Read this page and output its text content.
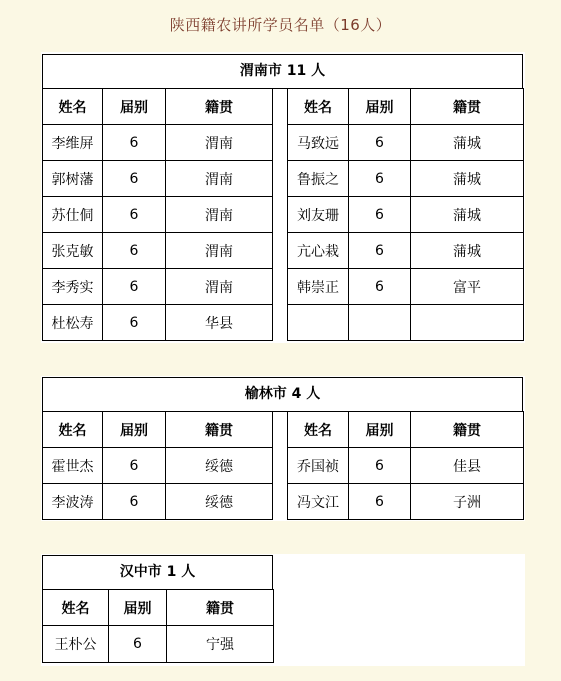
陕西籍农讲所学员名单（16人）
渭南市 11 人
姓名	届别	籍贯
李维屏	6	渭南
郭树藩	6	渭南
苏仕侗	6	渭南
张克敏	6	渭南
李秀实	6	渭南
杜松寿	6	华县
姓名	届别	籍贯
马致远	6	蒲城
鲁振之	6	蒲城
刘友珊	6	蒲城
亢心栽	6	蒲城
韩崇正	6	富平

榆林市 4 人
姓名	届别	籍贯
霍世杰	6	绥德
李波涛	6	绥德
姓名	届别	籍贯
乔国祯	6	佳县
冯文江	6	子洲
汉中市 1 人
姓名	届别	籍贯
王朴公	6	宁强
